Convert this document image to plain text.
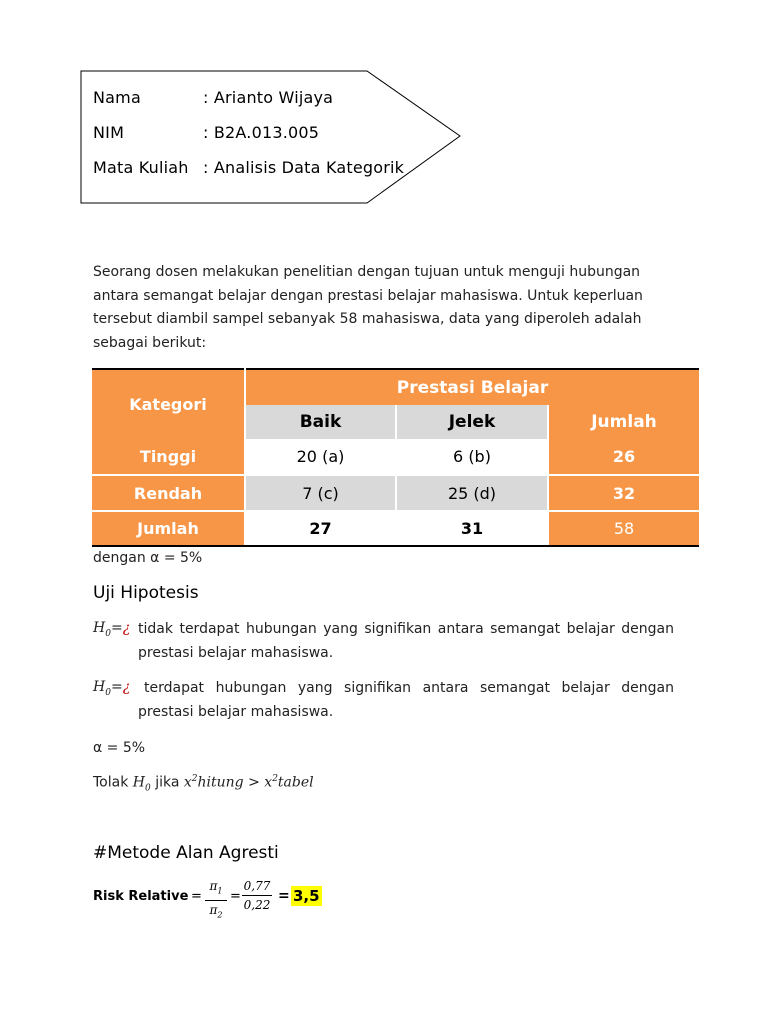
Nama	: Arianto Wijaya
NIM	: B2A.013.005
Mata Kuliah : Analisis Data Kategorik
Seorang dosen melakukan penelitian dengan tujuan untuk menguji hubungan
antara semangat belajar dengan prestasi belajar mahasiswa. Untuk keperluan
tersebut diambil sampel sebanyak 58 mahasiswa, data yang diperoleh adalah
sebagai berikut:
Kategori	Prestasi Belajar		
	Baik	Jelek	Jumlah
Tinggi	20 (a)	6 (b)	26
Rendah	7 (c)	25 (d)	32
Jumlah	27	31	58
dengan α = 5%
Uji Hipotesis
$H_0=¿$ tidak terdapat hubungan yang signifikan antara semangat belajar dengan
prestasi belajar mahasiswa.
$H_0=¿$ terdapat hubungan yang signifikan antara semangat belajar dengan
prestasi belajar mahasiswa.
α = 5%
Tolak $H_0$ jika $x^2hitung$ > $x^2tabel$
#Metode Alan Agresti
Risk Relative =
$\pi_1$
$\pi_2$
=
0,77
0,22
= 3,5
